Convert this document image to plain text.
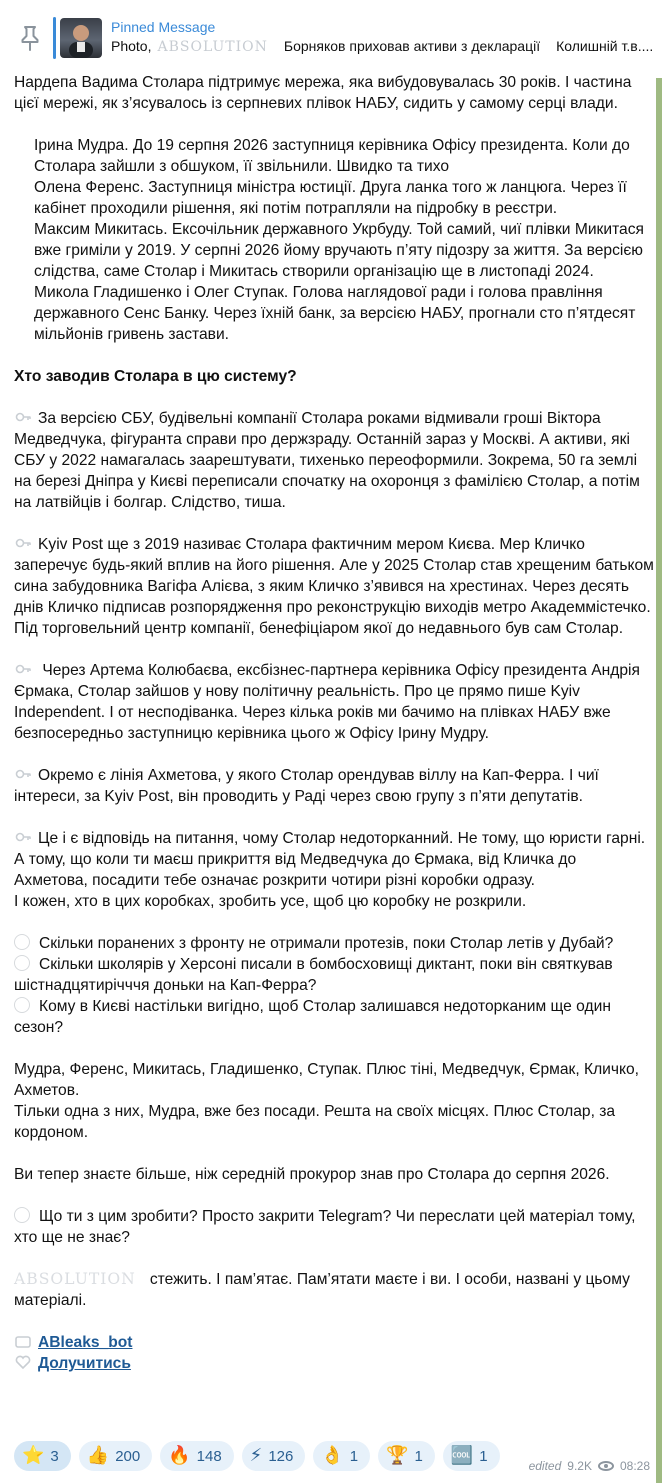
Pinned Message
Photo, ABSOLUTION Борняков приховав активи з декларації Колишній т.в....

Нардепа Вадима Столара підтримує мережа, яка вибудовувалась 30 років. І частина цієї мережі, як з’ясувалось із серпневих плівок НАБУ, сидить у самому серці влади.

Ірина Мудра. До 19 серпня 2026 заступниця керівника Офісу президента. Коли до Столара зайшли з обшуком, її звільнили. Швидко та тихо

Олена Ференс. Заступниця міністра юстиції. Друга ланка того ж ланцюга. Через її кабінет проходили рішення, які потім потрапляли на підробку в реєстри.

Максим Микитась. Ексочільник державного Укрбуду. Той самий, чиї плівки Микитася вже гриміли у 2019. У серпні 2026 йому вручають п’яту підозру за життя. За версією слідства, саме Столар і Микитась створили організацію ще в листопаді 2024.

Микола Гладишенко і Олег Ступак. Голова наглядової ради і голова правління державного Сенс Банку. Через їхній банк, за версією НАБУ, прогнали сто п’ятдесят мільйонів гривень застави.

Хто заводив Столара в цю систему?

За версією СБУ, будівельні компанії Столара роками відмивали гроші Віктора Медведчука, фігуранта справи про держзраду. Останній зараз у Москві. А активи, які СБУ у 2022 намагалась заарештувати, тихенько переоформили. Зокрема, 50 га землі на березі Дніпра у Києві переписали спочатку на охоронця з фамілією Столар, а потім на латвійців і болгар. Слідство, тиша.

Kyiv Post ще з 2019 називає Столара фактичним мером Києва. Мер Кличко заперечує будь-який вплив на його рішення. Але у 2025 Столар став хрещеним батьком сина забудовника Вагіфа Алієва, з яким Кличко з’явився на хрестинах. Через десять днів Кличко підписав розпорядження про реконструкцію виходів метро Академмістечко. Під торговельний центр компанії, бенефіціаром якої до недавнього був сам Столар.

Через Артема Колюбаєва, ексбізнес-партнера керівника Офісу президента Андрія Єрмака, Столар зайшов у нову політичну реальність. Про це прямо пише Kyiv Independent. І от несподіванка. Через кілька років ми бачимо на плівках НАБУ вже безпосередньо заступницю керівника цього ж Офісу Ірину Мудру.

Окремо є лінія Ахметова, у якого Столар орендував віллу на Кап-Ферра. І чиї інтереси, за Kyiv Post, він проводить у Раді через свою групу з п’яти депутатів.

Це і є відповідь на питання, чому Столар недоторканний. Не тому, що юристи гарні. А тому, що коли ти маєш прикриття від Медведчука до Єрмака, від Кличка до Ахметова, посадити тебе означає розкрити чотири різні коробки одразу.

І кожен, хто в цих коробках, зробить усе, щоб цю коробку не розкрили.

Скільки поранених з фронту не отримали протезів, поки Столар летів у Дубай?

Скільки школярів у Херсоні писали в бомбосховищі диктант, поки він святкував шістнадцятирічччя доньки на Кап-Ферра?

Кому в Києві настільки вигідно, щоб Столар залишався недоторканим ще один сезон?

Мудра, Ференс, Микитась, Гладишенко, Ступак. Плюс тіні, Медведчук, Єрмак, Кличко, Ахметов.

Тільки одна з них, Мудра, вже без посади. Решта на своїх місцях. Плюс Столар, за кордоном.

Ви тепер знаєте більше, ніж середній прокурор знав про Столара до серпня 2026.

Що ти з цим зробити? Просто закрити Telegram? Чи переслати цей матеріал тому, хто ще не знає?

ABSOLUTION стежить. І пам’ятає. Пам’ятати маєте і ви. І особи, названі у цьому матеріалі.

ABleaks_bot

Долучитись

⭐ 3 👍 200 🔥 148 ⚡ 126 👌 1 🏆 1 🆒 1
edited 9.2K 08:28
